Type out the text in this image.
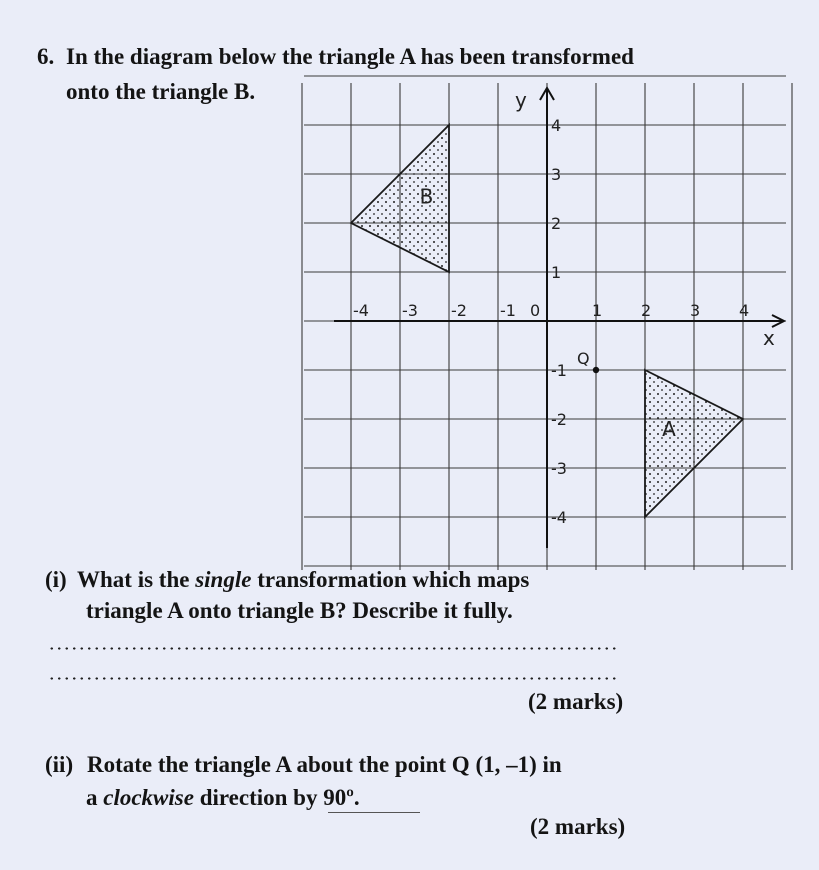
6. In the diagram below the triangle A has been transformed
onto the triangle B.
-4 -3 -2 -1	1 2 3 4
4
3
2
1
-1
-2
-3
-4
Q
A
B
x
y
0
(i) What is the single transformation which maps
triangle A onto triangle B? Describe it fully.
(2 marks)
(ii) Rotate the triangle A about the point Q (1, –1) in
a clockwise direction by 90º.
(2 marks)
